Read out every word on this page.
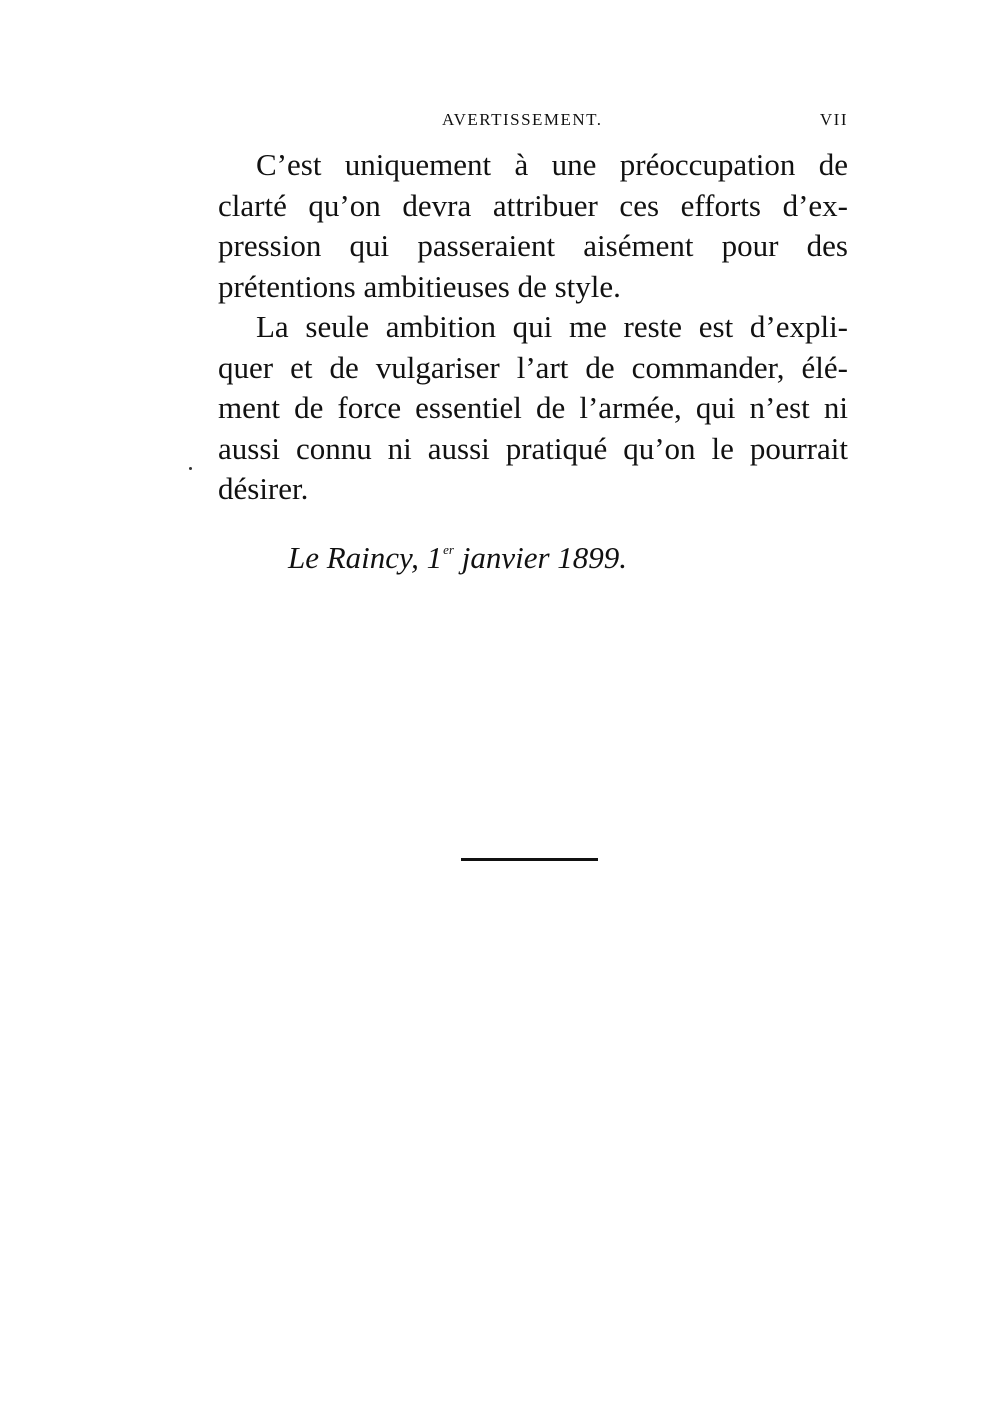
AVERTISSEMENT.	VII
C’est uniquement à une préoccupation de
clarté qu’on devra attribuer ces efforts d’ex-
pression qui passeraient aisément pour des
prétentions ambitieuses de style.
La seule ambition qui me reste est d’expli-
quer et de vulgariser l’art de commander, élé-
ment de force essentiel de l’armée, qui n’est ni
aussi connu ni aussi pratiqué qu’on le pourrait
désirer.
Le Raincy, 1er janvier 1899.
